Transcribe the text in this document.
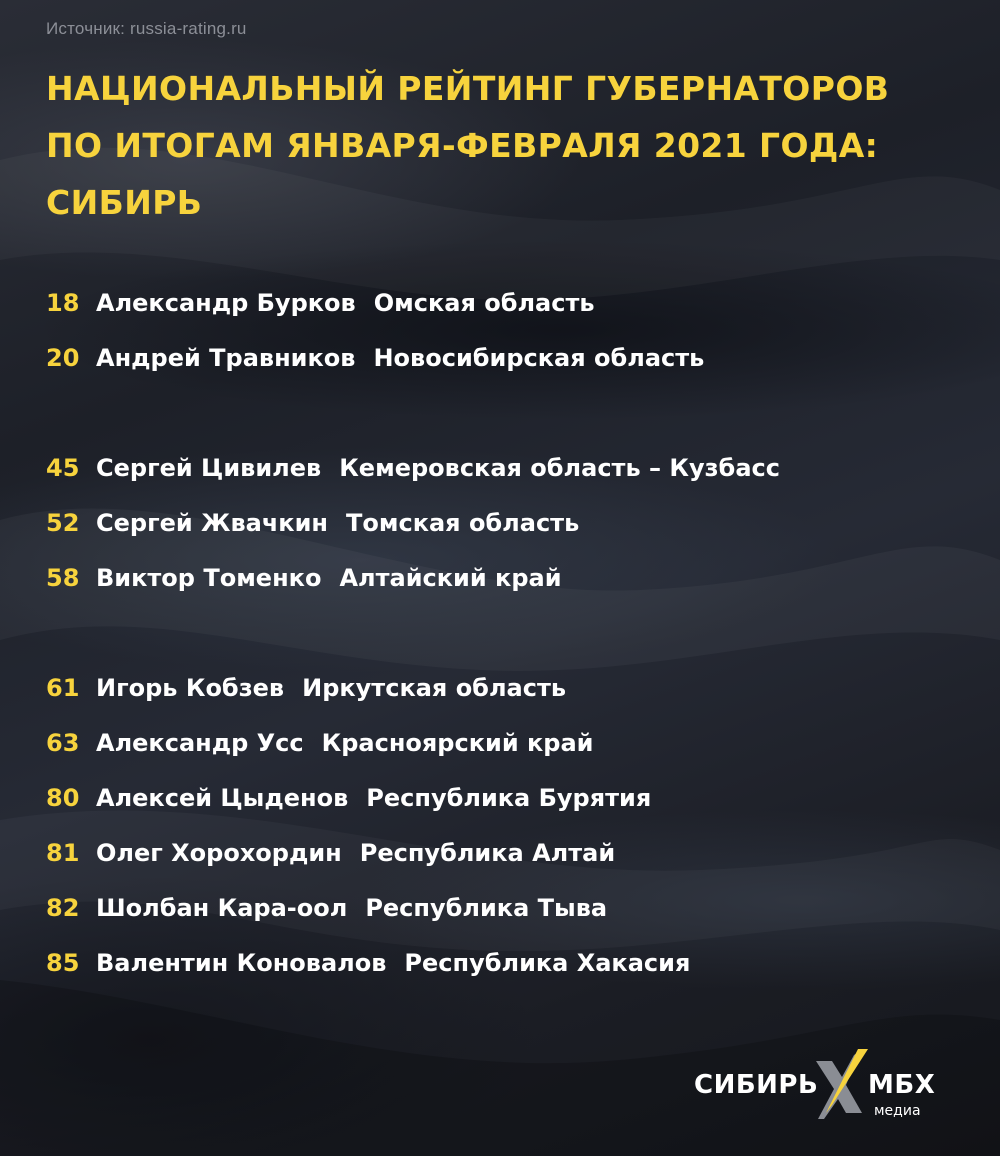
Источник: russia-rating.ru
НАЦИОНАЛЬНЫЙ РЕЙТИНГ ГУБЕРНАТОРОВ
ПО ИТОГАМ ЯНВАРЯ-ФЕВРАЛЯ 2021 ГОДА:
СИБИРЬ
18 Александр Бурков Омская область
20 Андрей Травников Новосибирская область
45 Сергей Цивилев Кемеровская область – Кузбасс
52 Сергей Жвачкин Томская область
58 Виктор Томенко Алтайский край
61 Игорь Кобзев Иркутская область
63 Александр Усс Красноярский край
80 Алексей Цыденов Республика Бурятия
81 Олег Хорохордин Республика Алтай
82 Шолбан Кара-оол Республика Тыва
85 Валентин Коновалов Республика Хакасия
СИБИРЬ МБХ
медиа
